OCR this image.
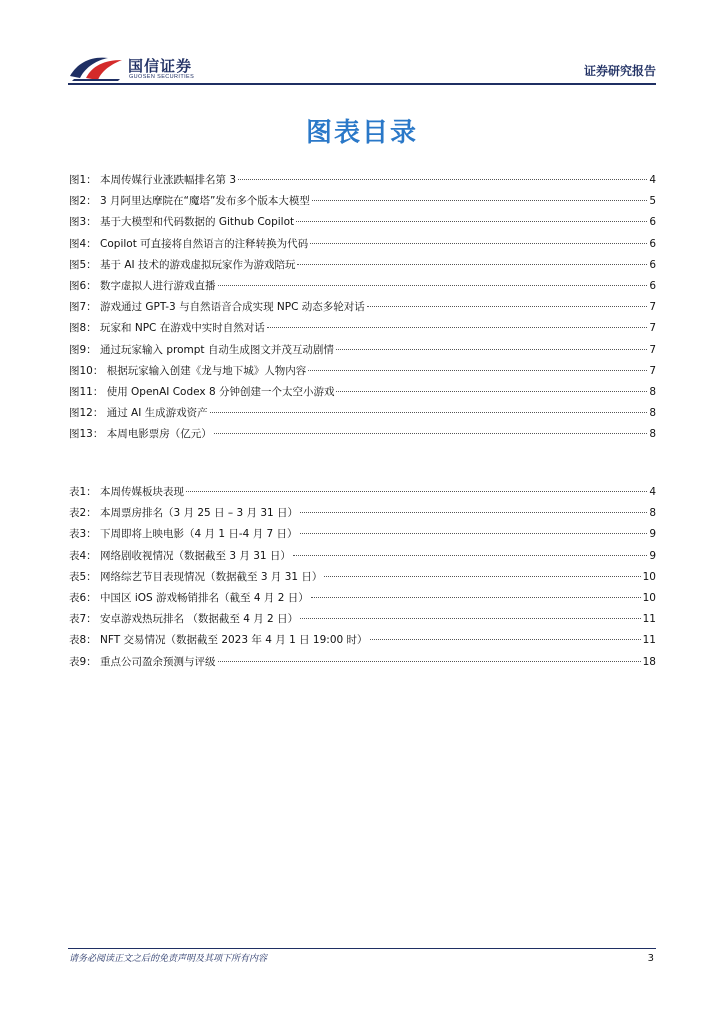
国信证券
GUOSEN SECURITIES	证券研究报告
图表目录
图1： 本周传媒行业涨跌幅排名第 3	4
图2： 3 月阿里达摩院在“魔塔”发布多个版本大模型	5
图3： 基于大模型和代码数据的 Github Copilot	6
图4： Copilot 可直接将自然语言的注释转换为代码	6
图5： 基于 AI 技术的游戏虚拟玩家作为游戏陪玩	6
图6： 数字虚拟人进行游戏直播	6
图7： 游戏通过 GPT-3 与自然语音合成实现 NPC 动态多轮对话	7
图8： 玩家和 NPC 在游戏中实时自然对话	7
图9： 通过玩家输入 prompt 自动生成图文并茂互动剧情	7
图10： 根据玩家输入创建《龙与地下城》人物内容	7
图11： 使用 OpenAI Codex 8 分钟创建一个太空小游戏	8
图12： 通过 AI 生成游戏资产	8
图13： 本周电影票房（亿元）	8
表1： 本周传媒板块表现	4
表2： 本周票房排名（3 月 25 日 – 3 月 31 日）	8
表3： 下周即将上映电影（4 月 1 日-4 月 7 日）	9
表4： 网络剧收视情况（数据截至 3 月 31 日）	9
表5： 网络综艺节目表现情况（数据截至 3 月 31 日）	10
表6： 中国区 iOS 游戏畅销排名（截至 4 月 2 日）	10
表7： 安卓游戏热玩排名 （数据截至 4 月 2 日）	11
表8： NFT 交易情况（数据截至 2023 年 4 月 1 日 19:00 时）	11
表9： 重点公司盈余预测与评级	18
请务必阅读正文之后的免责声明及其项下所有内容	3
